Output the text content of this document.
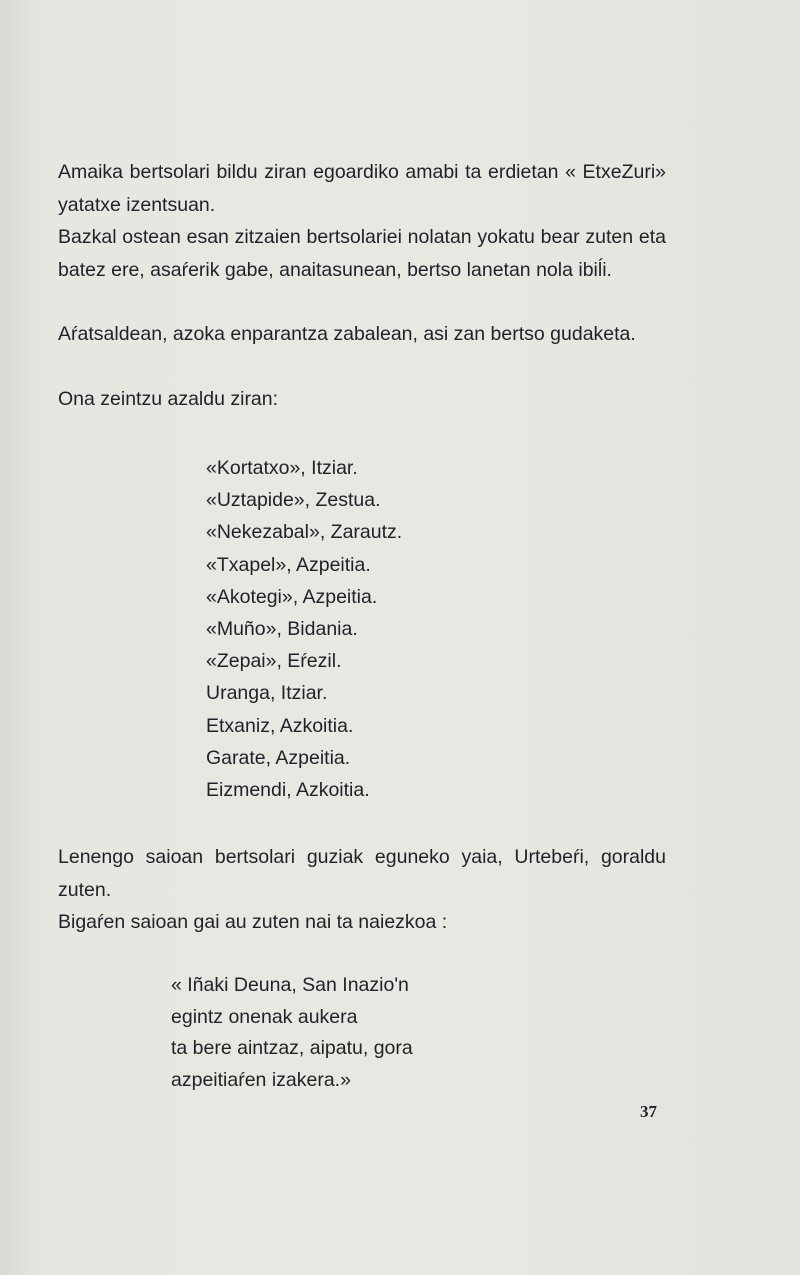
Amaika bertsolari bildu ziran egoardiko amabi ta erdietan « EtxeZuri» yatatxe izentsuan.

Bazkal ostean esan zitzaien bertsolariei nolatan yokatu bear zuten eta batez ere, asaŕerik gabe, anaitasunean, bertso lanetan nola ibiĺi.

Aŕatsaldean, azoka enparantza zabalean, asi zan bertso gudaketa.

Ona zeintzu azaldu ziran:

«Kortatxo», Itziar.
«Uztapide», Zestua.
«Nekezabal», Zarautz.
«Txapel», Azpeitia.
«Akotegi», Azpeitia.
«Muño», Bidania.
«Zepai», Eŕezil.
Uranga, Itziar.
Etxaniz, Azkoitia.
Garate, Azpeitia.
Eizmendi, Azkoitia.

Lenengo saioan bertsolari guziak eguneko yaia, Urtebeŕi, goraldu zuten.

Bigaŕen saioan gai au zuten nai ta naiezkoa :

« Iñaki Deuna, San Inazio'n
egintz onenak aukera
ta bere aintzaz, aipatu, gora
azpeitiaŕen izakera.»
37
